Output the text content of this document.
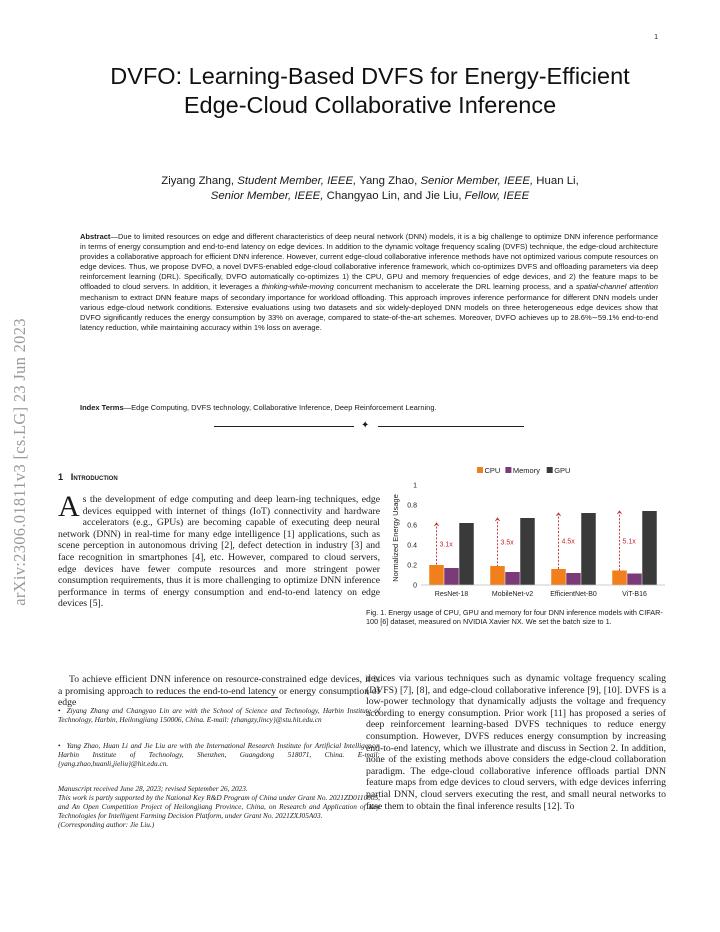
1
arXiv:2306.01811v3 [cs.LG] 23 Jun 2023
DVFO: Learning-Based DVFS for Energy-Efficient Edge-Cloud Collaborative Inference
Ziyang Zhang, Student Member, IEEE, Yang Zhao, Senior Member, IEEE, Huan Li,
Senior Member, IEEE, Changyao Lin, and Jie Liu, Fellow, IEEE
Abstract—Due to limited resources on edge and different characteristics of deep neural network (DNN) models, it is a big challenge to optimize DNN inference performance in terms of energy consumption and end-to-end latency on edge devices. In addition to the dynamic voltage frequency scaling (DVFS) technique, the edge-cloud architecture provides a collaborative approach for efficient DNN inference. However, current edge-cloud collaborative inference methods have not optimized various compute resources on edge devices. Thus, we propose DVFO, a novel DVFS-enabled edge-cloud collaborative inference framework, which co-optimizes DVFS and offloading parameters via deep reinforcement learning (DRL). Specifically, DVFO automatically co-optimizes 1) the CPU, GPU and memory frequencies of edge devices, and 2) the feature maps to be offloaded to cloud servers. In addition, it leverages a thinking-while-moving concurrent mechanism to accelerate the DRL learning process, and a spatial-channel attention mechanism to extract DNN feature maps of secondary importance for workload offloading. This approach improves inference performance for different DNN models under various edge-cloud network conditions. Extensive evaluations using two datasets and six widely-deployed DNN models on three heterogeneous edge devices show that DVFO significantly reduces the energy consumption by 33% on average, compared to state-of-the-art schemes. Moreover, DVFO achieves up to 28.6%∼59.1% end-to-end latency reduction, while maintaining accuracy within 1% loss on average.
Index Terms—Edge Computing, DVFS technology, Collaborative Inference, Deep Reinforcement Learning.
✦
1 Introduction
As the development of edge computing and deep learn-ing techniques, edge devices equipped with internet of things (IoT) connectivity and hardware accelerators (e.g., GPUs) are becoming capable of executing deep neural network (DNN) in real-time for many edge intelligence [1] applications, such as scene perception in autonomous driving [2], defect detection in industry [3] and face recognition in smartphones [4], etc. However, compared to cloud servers, edge devices have fewer compute resources and more stringent power consumption requirements, thus it is more challenging to optimize DNN inference performance in terms of energy consumption and end-to-end latency on edge devices [5].
To achieve efficient DNN inference on resource-constrained edge devices, it is a promising approach to reduces the end-to-end latency or energy consumption of edge
• Ziyang Zhang and Changyao Lin are with the School of Science and Technology, Harbin Institute of Technology, Harbin, Heilongjiang 150006, China. E-mail: {zhangzy,lincy}@stu.hit.edu.cn
• Yang Zhao, Huan Li and Jie Liu are with the International Research Institute for Artificial Intelligence, Harbin Institute of Technology, Shenzhen, Guangdong 518071, China. E-mail: {yang.zhao,huanli,jieliu}@hit.edu.cn.
Manuscript received June 28, 2023; revised September 26, 2023.
This work is partly supported by the National Key R&D Program of China under Grant No. 2021ZD0110905, and An Open Competition Project of Heilongjiang Province, China, on Research and Application of Key Technologies for Intelligent Farming Decision Platform, under Grant No. 2021ZXJ05A03.
(Corresponding author: Jie Liu.)
CPU Memory GPU
Normalized Energy Usage
0
0.2
0.4
0.6
0.8
1
3.1x	3.5x	4.5x	5.1x
ResNet-18	MobileNet-v2 EfficientNet-B0	ViT-B16
Fig. 1. Energy usage of CPU, GPU and memory for four DNN inference models with CIFAR-100 [6] dataset, measured on NVIDIA Xavier NX. We set the batch size to 1.
devices via various techniques such as dynamic voltage frequency scaling (DVFS) [7], [8], and edge-cloud collaborative inference [9], [10]. DVFS is a low-power technology that dynamically adjusts the voltage and frequency according to energy consumption. Prior work [11] has proposed a series of deep reinforcement learning-based DVFS techniques to reduce energy consumption. However, DVFS reduces energy consumption by increasing end-to-end latency, which we illustrate and discuss in Section 2. In addition, none of the existing methods above considers the edge-cloud collaboration paradigm. The edge-cloud collaborative inference offloads partial DNN feature maps from edge devices to cloud servers, with edge devices inferring partial DNN, cloud servers executing the rest, and small neural networks to fuse them to obtain the final inference results [12]. To
